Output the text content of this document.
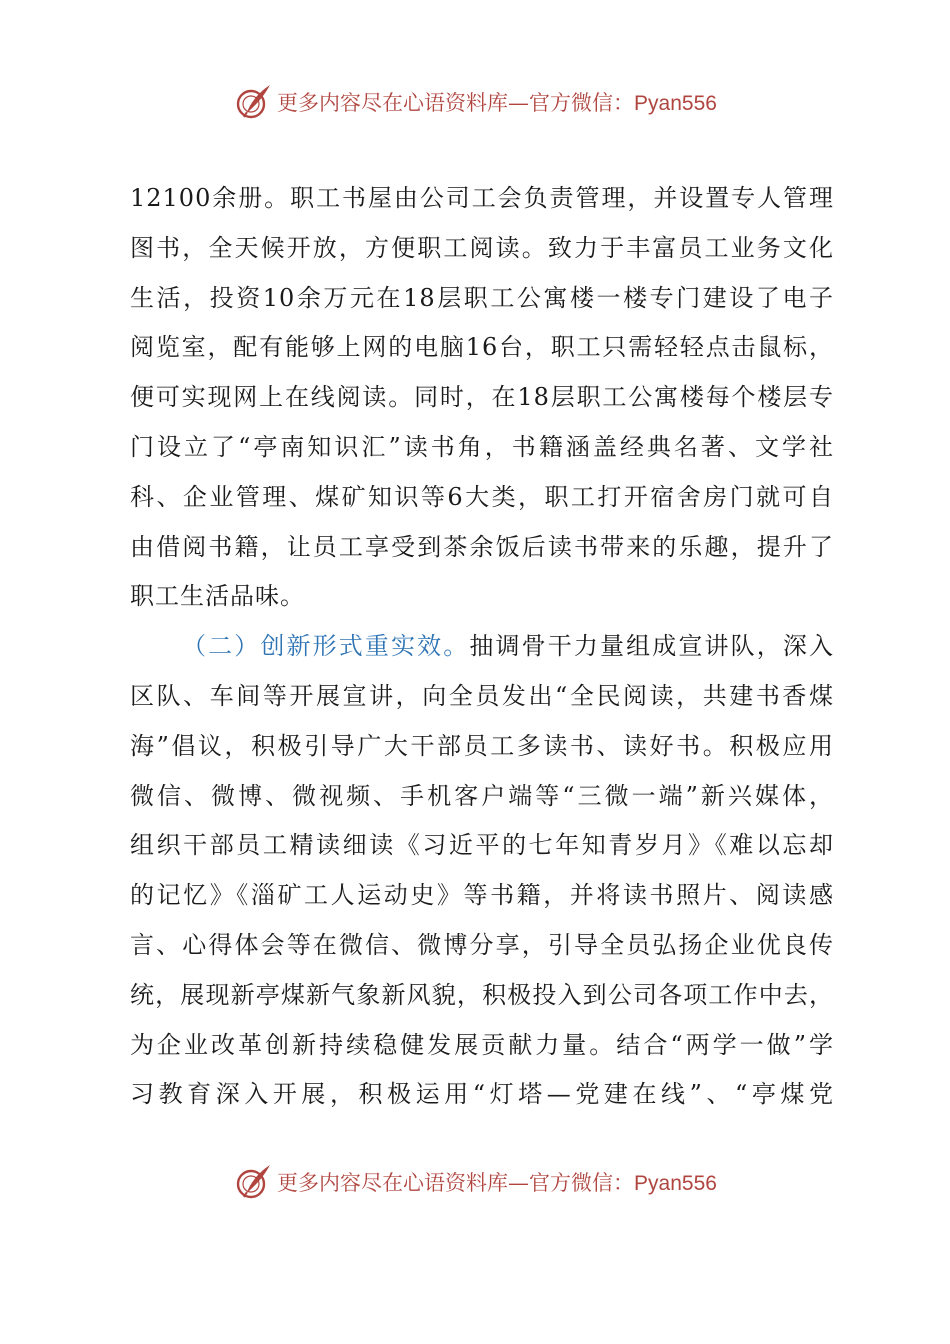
更多内容尽在心语资料库—官方微信：Pyan556
12100余册。职工书屋由公司工会负责管理，并设置专人管理
图书，全天候开放，方便职工阅读。致力于丰富员工业务文化
生活，投资10余万元在18层职工公寓楼一楼专门建设了电子
阅览室，配有能够上网的电脑16台，职工只需轻轻点击鼠标，
便可实现网上在线阅读。同时，在18层职工公寓楼每个楼层专
门设立了“亭南知识汇”读书角，书籍涵盖经典名著、文学社
科、企业管理、煤矿知识等6大类，职工打开宿舍房门就可自
由借阅书籍，让员工享受到茶余饭后读书带来的乐趣，提升了
职工生活品味。
（二）创新形式重实效。抽调骨干力量组成宣讲队，深入
区队、车间等开展宣讲，向全员发出“全民阅读，共建书香煤
海”倡议，积极引导广大干部员工多读书、读好书。积极应用
微信、微博、微视频、手机客户端等“三微一端”新兴媒体，
组织干部员工精读细读《习近平的七年知青岁月》《难以忘却
的记忆》《淄矿工人运动史》等书籍，并将读书照片、阅读感
言、心得体会等在微信、微博分享，引导全员弘扬企业优良传
统，展现新亭煤新气象新风貌，积极投入到公司各项工作中去，
为企业改革创新持续稳健发展贡献力量。结合“两学一做”学
习教育深入开展，积极运用“灯塔—党建在线”、“亭煤党
更多内容尽在心语资料库—官方微信：Pyan556
